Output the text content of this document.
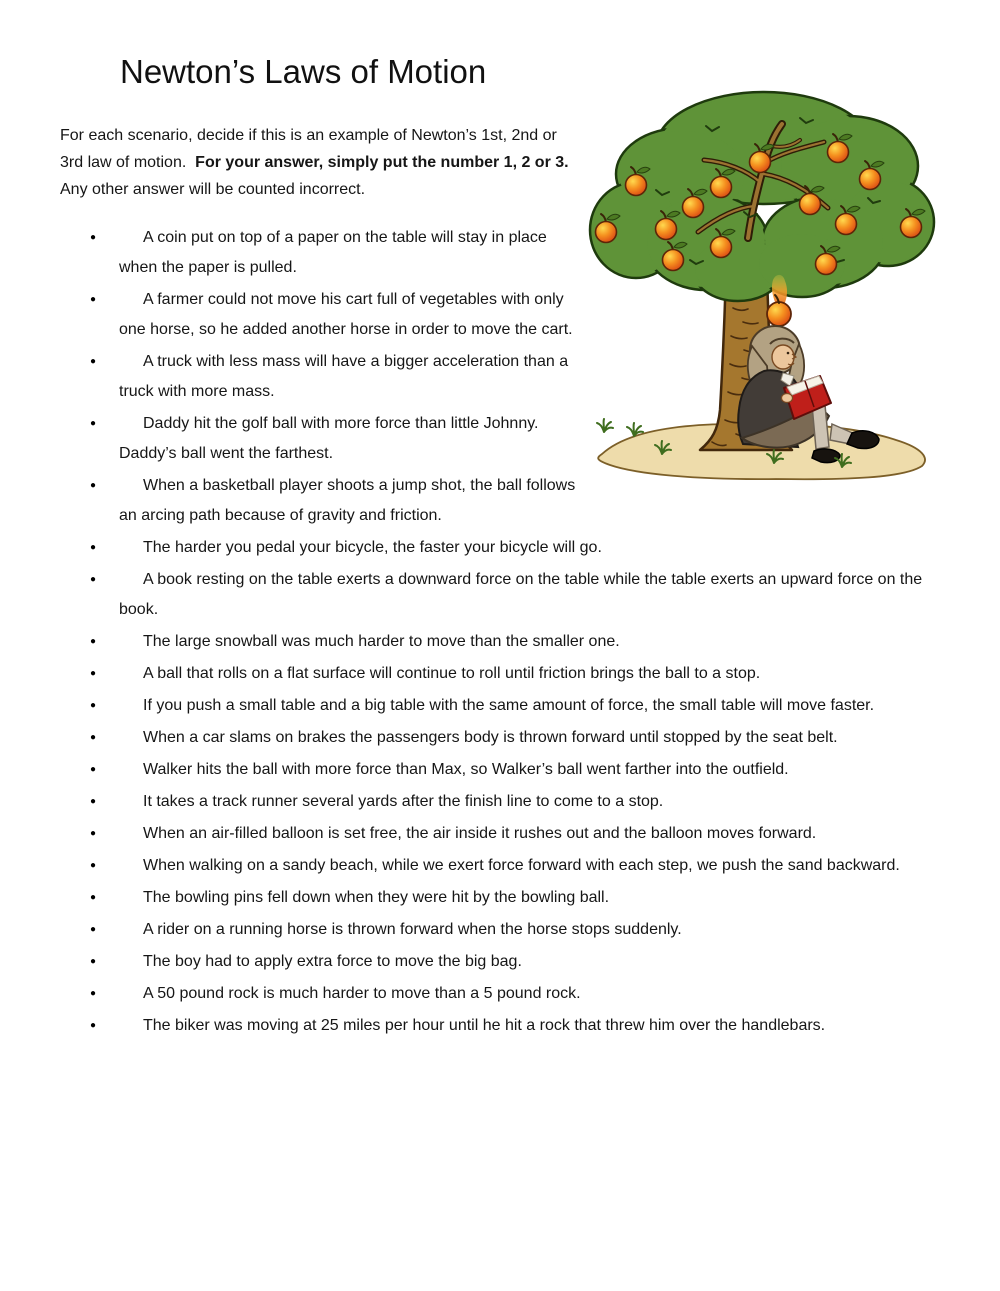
Newton’s Laws of Motion

For each scenario, decide if this is an example of Newton’s 1st, 2nd or 3rd law of motion.  For your answer, simply put the number 1, 2 or 3.  Any other answer will be counted incorrect.

●	A coin put on top of a paper on the table will stay in place when the paper is pulled.
●	A farmer could not move his cart full of vegetables with only one horse, so he added another horse in order to move the cart.
●	A truck with less mass will have a bigger acceleration than a truck with more mass.
●	Daddy hit the golf ball with more force than little Johnny.  Daddy’s ball went the farthest.
●	When a basketball player shoots a jump shot, the ball follows an arcing path because of gravity and friction.
●	The harder you pedal your bicycle, the faster your bicycle will go.
●	A book resting on the table exerts a downward force on the table while the table exerts an upward force on the book.
●	The large snowball was much harder to move than the smaller one.
●	A ball that rolls on a flat surface will continue to roll until friction brings the ball to a stop.
●	If you push a small table and a big table with the same amount of force, the small table will move faster.
●	When a car slams on brakes the passengers body is thrown forward until stopped by the seat belt.
●	Walker hits the ball with more force than Max, so Walker’s ball went farther into the outfield.
●	It takes a track runner several yards after the finish line to come to a stop.
●	When an air-filled balloon is set free, the air inside it rushes out and the balloon moves forward.
●	When walking on a sandy beach, while we exert force forward with each step, we push the sand backward.
●	The bowling pins fell down when they were hit by the bowling ball.
●	A rider on a running horse is thrown forward when the horse stops suddenly.
●	The boy had to apply extra force to move the big bag.
●	A 50 pound rock is much harder to move than a 5 pound rock.
●	The biker was moving at 25 miles per hour until he hit a rock that threw him over the handlebars.
